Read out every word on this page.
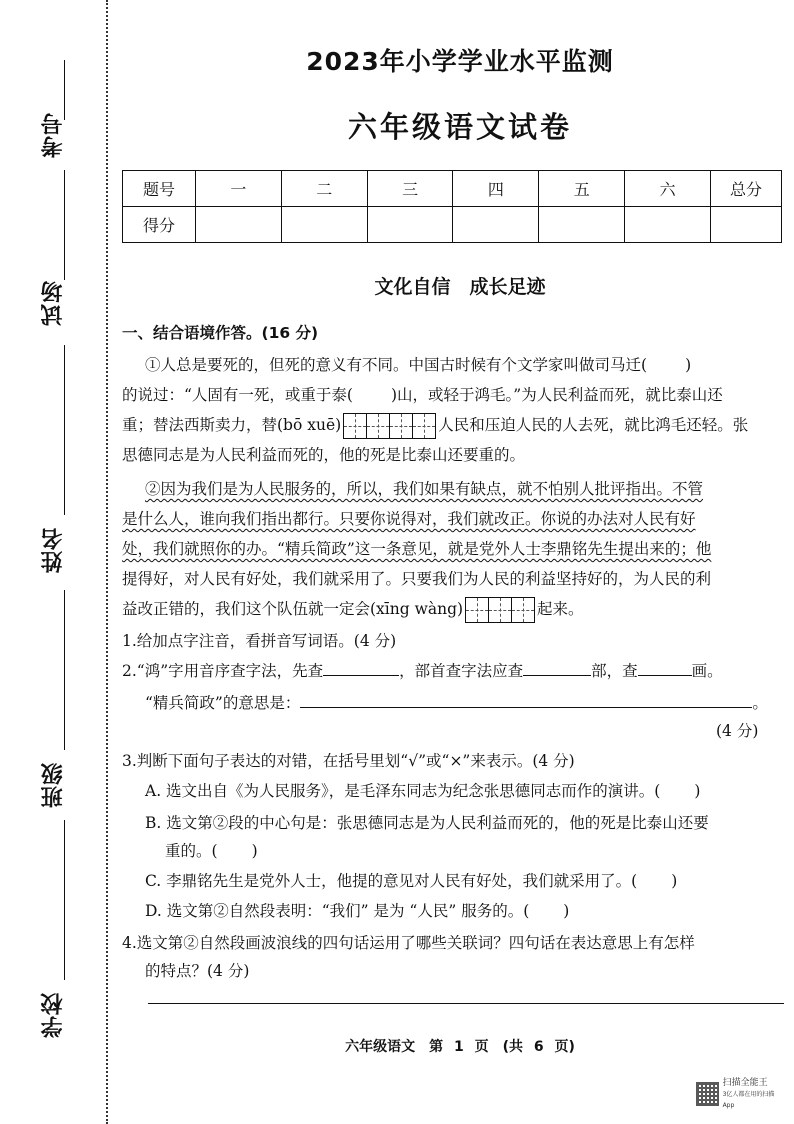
考号
试场
姓名
班级
学校
2023年小学学业水平监测
六年级语文试卷
题号	一	二	三	四	五	六	总分
得分							
文化自信　成长足迹
一、结合语境作答。(16 分)
①人总是要死的，但死的意义有不同。中国古时候有个文学家叫做司马迁( )
的说过：“人固有一死，或重于泰( )山，或轻于鸿毛。”为人民利益而死，就比泰山还
重；替法西斯卖力，替(bō xuē)	人民和压迫人民的人去死，就比鸿毛还轻。张
思德同志是为人民利益而死的，他的死是比泰山还要重的。
②因为我们是为人民服务的，所以，我们如果有缺点，就不怕别人批评指出。不管
是什么人，谁向我们指出都行。只要你说得对，我们就改正。你说的办法对人民有好
处，我们就照你的办。“精兵简政”这一条意见，就是党外人士李鼎铭先生提出来的；他
提得好，对人民有好处，我们就采用了。只要我们为人民的利益坚持好的，为人民的利
益改正错的，我们这个队伍就一定会(xīng wàng)	起来。
1.给加点字注音，看拼音写词语。(4 分)
2.“鸿”字用音序查字法，先查	，部首查字法应查	部，查	画。
“精兵简政”的意思是：	。
(4 分)
3.判断下面句子表达的对错，在括号里划“√”或“×”来表示。(4 分)
A. 选文出自《为人民服务》，是毛泽东同志为纪念张思德同志而作的演讲。( )
B. 选文第②段的中心句是：张思德同志是为人民利益而死的，他的死是比泰山还要
重的。( )
C. 李鼎铭先生是党外人士，他提的意见对人民有好处，我们就采用了。( )
D. 选文第②自然段表明：“我们” 是为 “人民” 服务的。( )
4.选文第②自然段画波浪线的四句话运用了哪些关联词？四句话在表达意思上有怎样
的特点？(4 分)
六年级语文　第 1 页　(共 6 页)
扫描全能王
3亿人都在用的扫描App
